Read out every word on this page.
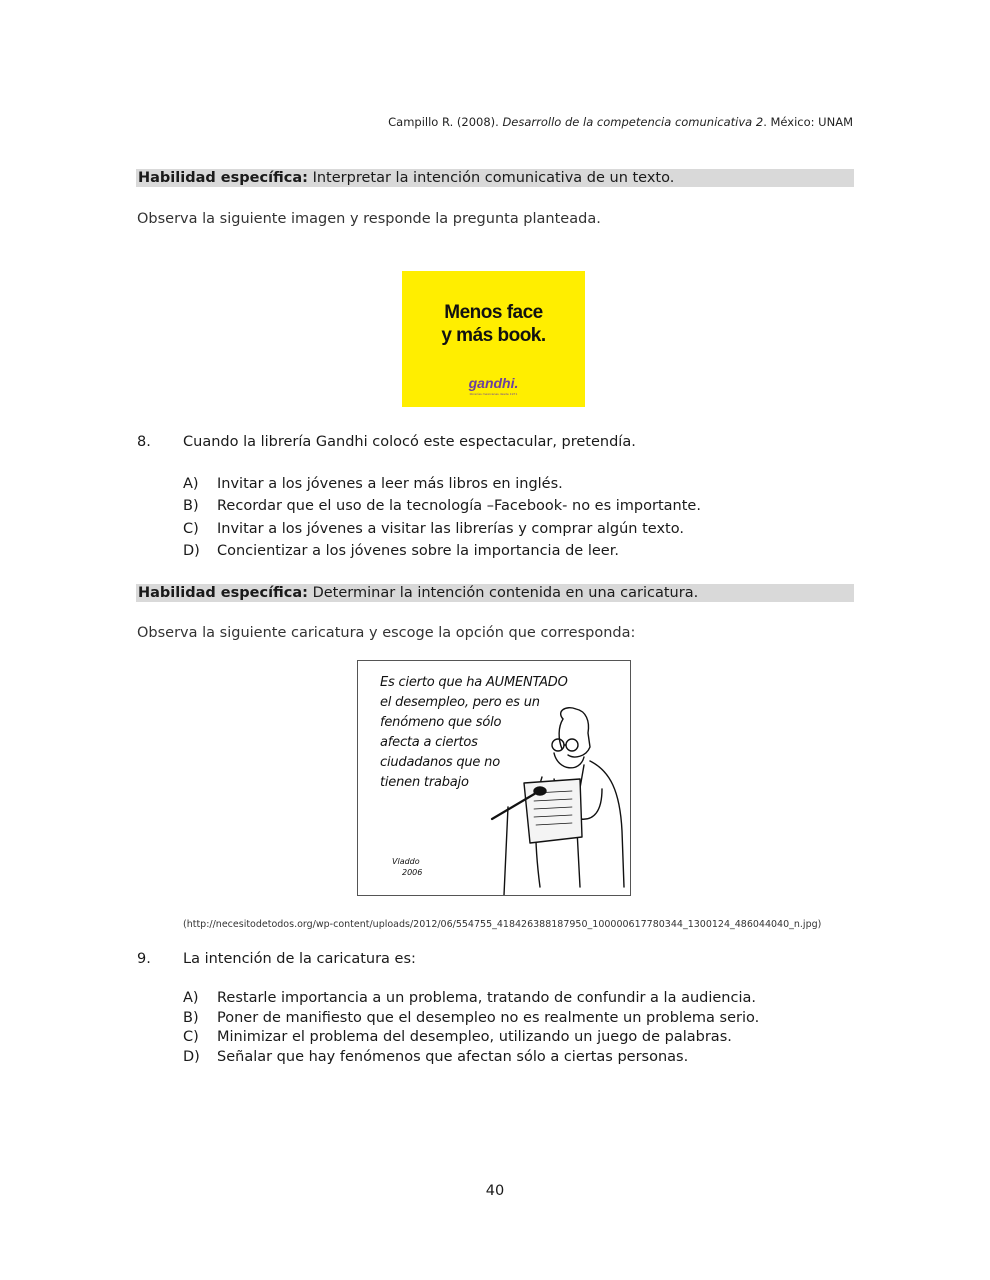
Campillo R. (2008). Desarrollo de la competencia comunicativa 2. México: UNAM
Habilidad específica: Interpretar la intención comunicativa de un texto.
Observa la siguiente imagen y responde la pregunta planteada.
Menos face
y más book.
gandhi.
librerías mexicanas desde 1971
8. Cuando la librería Gandhi colocó este espectacular, pretendía.
A) Invitar a los jóvenes a leer más libros en inglés.
B) Recordar que el uso de la tecnología –Facebook- no es importante.
C) Invitar a los jóvenes a visitar las librerías y comprar algún texto.
D) Concientizar a los jóvenes sobre la importancia de leer.
Habilidad específica: Determinar la intención contenida en una caricatura.
Observa la siguiente caricatura y escoge la opción que corresponda:
Es cierto que ha AUMENTADO
el desempleo, pero es un
fenómeno que sólo
afecta a ciertos
ciudadanos que no
tienen trabajo
Vladdo
2006
(http://necesitodetodos.org/wp-content/uploads/2012/06/554755_418426388187950_100000617780344_1300124_486044040_n.jpg)
9. La intención de la caricatura es:
A) Restarle importancia a un problema, tratando de confundir a la audiencia.
B) Poner de manifiesto que el desempleo no es realmente un problema serio.
C) Minimizar el problema del desempleo, utilizando un juego de palabras.
D) Señalar que hay fenómenos que afectan sólo a ciertas personas.
40
